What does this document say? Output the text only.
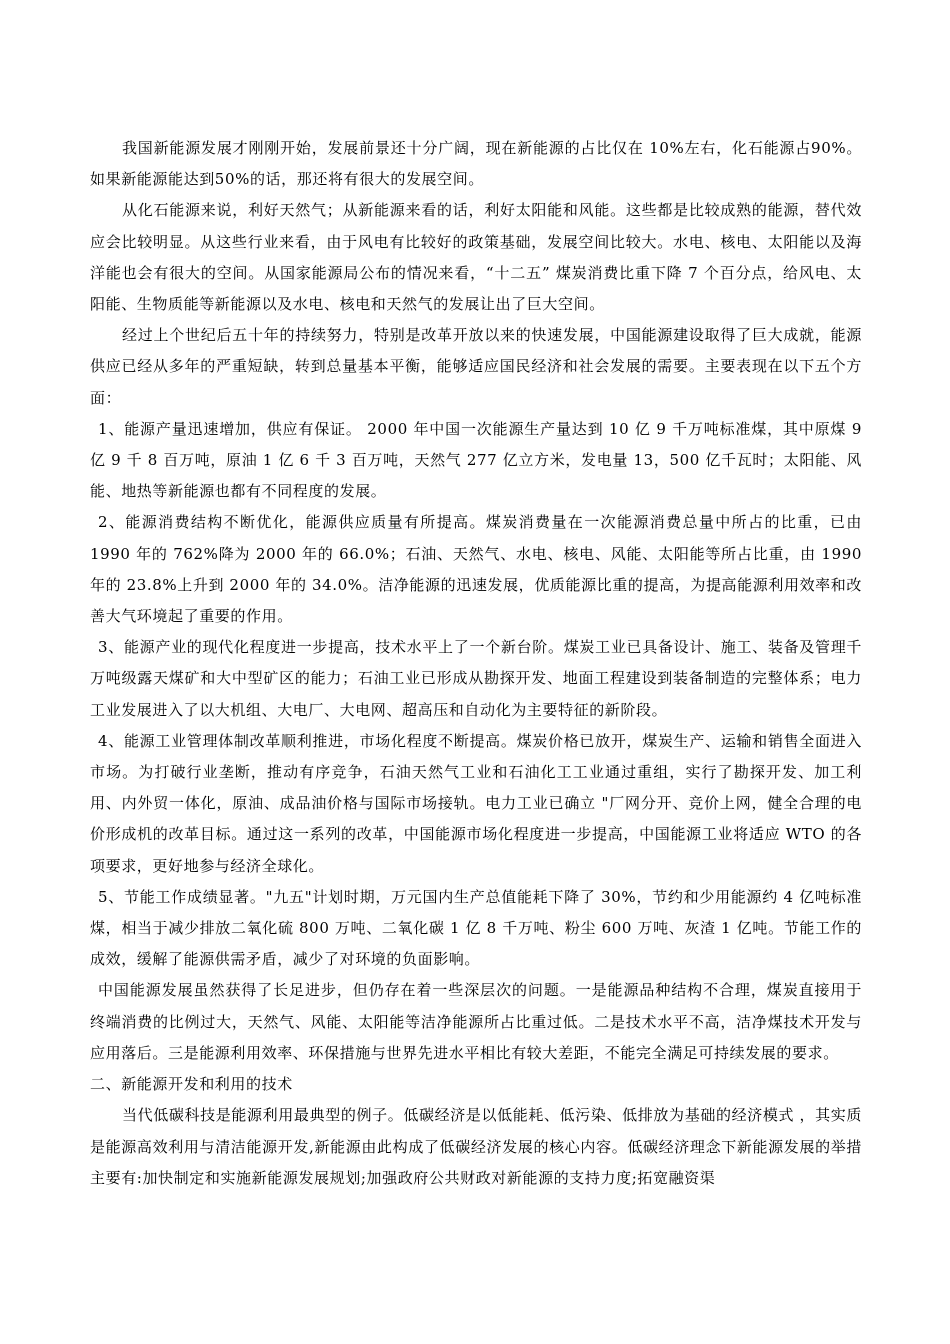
我国新能源发展才刚刚开始，发展前景还十分广阔，现在新能源的占比仅在 10%左右，化石能源占90%。如果新能源能达到50%的话，那还将有很大的发展空间。

从化石能源来说，利好天然气；从新能源来看的话，利好太阳能和风能。这些都是比较成熟的能源，替代效应会比较明显。从这些行业来看，由于风电有比较好的政策基础，发展空间比较大。水电、核电、太阳能以及海洋能也会有很大的空间。从国家能源局公布的情况来看，“十二五” 煤炭消费比重下降 7 个百分点，给风电、太阳能、生物质能等新能源以及水电、核电和天然气的发展让出了巨大空间。

经过上个世纪后五十年的持续努力，特别是改革开放以来的快速发展，中国能源建设取得了巨大成就，能源供应已经从多年的严重短缺，转到总量基本平衡，能够适应国民经济和社会发展的需要。主要表现在以下五个方面：

1、能源产量迅速增加，供应有保证。 2000 年中国一次能源生产量达到 10 亿 9 千万吨标准煤，其中原煤 9 亿 9 千 8 百万吨，原油 1 亿 6 千 3 百万吨，天然气 277 亿立方米，发电量 13，500 亿千瓦时；太阳能、风能、地热等新能源也都有不同程度的发展。

2、能源消费结构不断优化，能源供应质量有所提高。煤炭消费量在一次能源消费总量中所占的比重，已由 1990 年的 762%降为 2000 年的 66.0%；石油、天然气、水电、核电、风能、太阳能等所占比重，由 1990 年的 23.8%上升到 2000 年的 34.0%。洁净能源的迅速发展，优质能源比重的提高，为提高能源利用效率和改善大气环境起了重要的作用。

3、能源产业的现代化程度进一步提高，技术水平上了一个新台阶。煤炭工业已具备设计、施工、装备及管理千万吨级露天煤矿和大中型矿区的能力；石油工业已形成从勘探开发、地面工程建设到装备制造的完整体系；电力工业发展进入了以大机组、大电厂、大电网、超高压和自动化为主要特征的新阶段。

4、能源工业管理体制改革顺利推进，市场化程度不断提高。煤炭价格已放开，煤炭生产、运输和销售全面进入市场。为打破行业垄断，推动有序竞争，石油天然气工业和石油化工工业通过重组，实行了勘探开发、加工利用、内外贸一体化，原油、成品油价格与国际市场接轨。电力工业已确立 "厂网分开、竞价上网，健全合理的电价形成机的改革目标。通过这一系列的改革，中国能源市场化程度进一步提高，中国能源工业将适应 WTO 的各项要求，更好地参与经济全球化。

5、节能工作成绩显著。"九五"计划时期，万元国内生产总值能耗下降了 30%，节约和少用能源约 4 亿吨标准煤，相当于减少排放二氧化硫 800 万吨、二氧化碳 1 亿 8 千万吨、粉尘 600 万吨、灰渣 1 亿吨。节能工作的成效，缓解了能源供需矛盾，减少了对环境的负面影响。

中国能源发展虽然获得了长足进步，但仍存在着一些深层次的问题。一是能源品种结构不合理，煤炭直接用于终端消费的比例过大，天然气、风能、太阳能等洁净能源所占比重过低。二是技术水平不高，洁净煤技术开发与应用落后。三是能源利用效率、环保措施与世界先进水平相比有较大差距，不能完全满足可持续发展的要求。

二、新能源开发和利用的技术

当代低碳科技是能源利用最典型的例子。低碳经济是以低能耗、低污染、低排放为基础的经济模式 ，其实质是能源高效利用与清洁能源开发,新能源由此构成了低碳经济发展的核心内容。低碳经济理念下新能源发展的举措主要有:加快制定和实施新能源发展规划;加强政府公共财政对新能源的支持力度;拓宽融资渠
